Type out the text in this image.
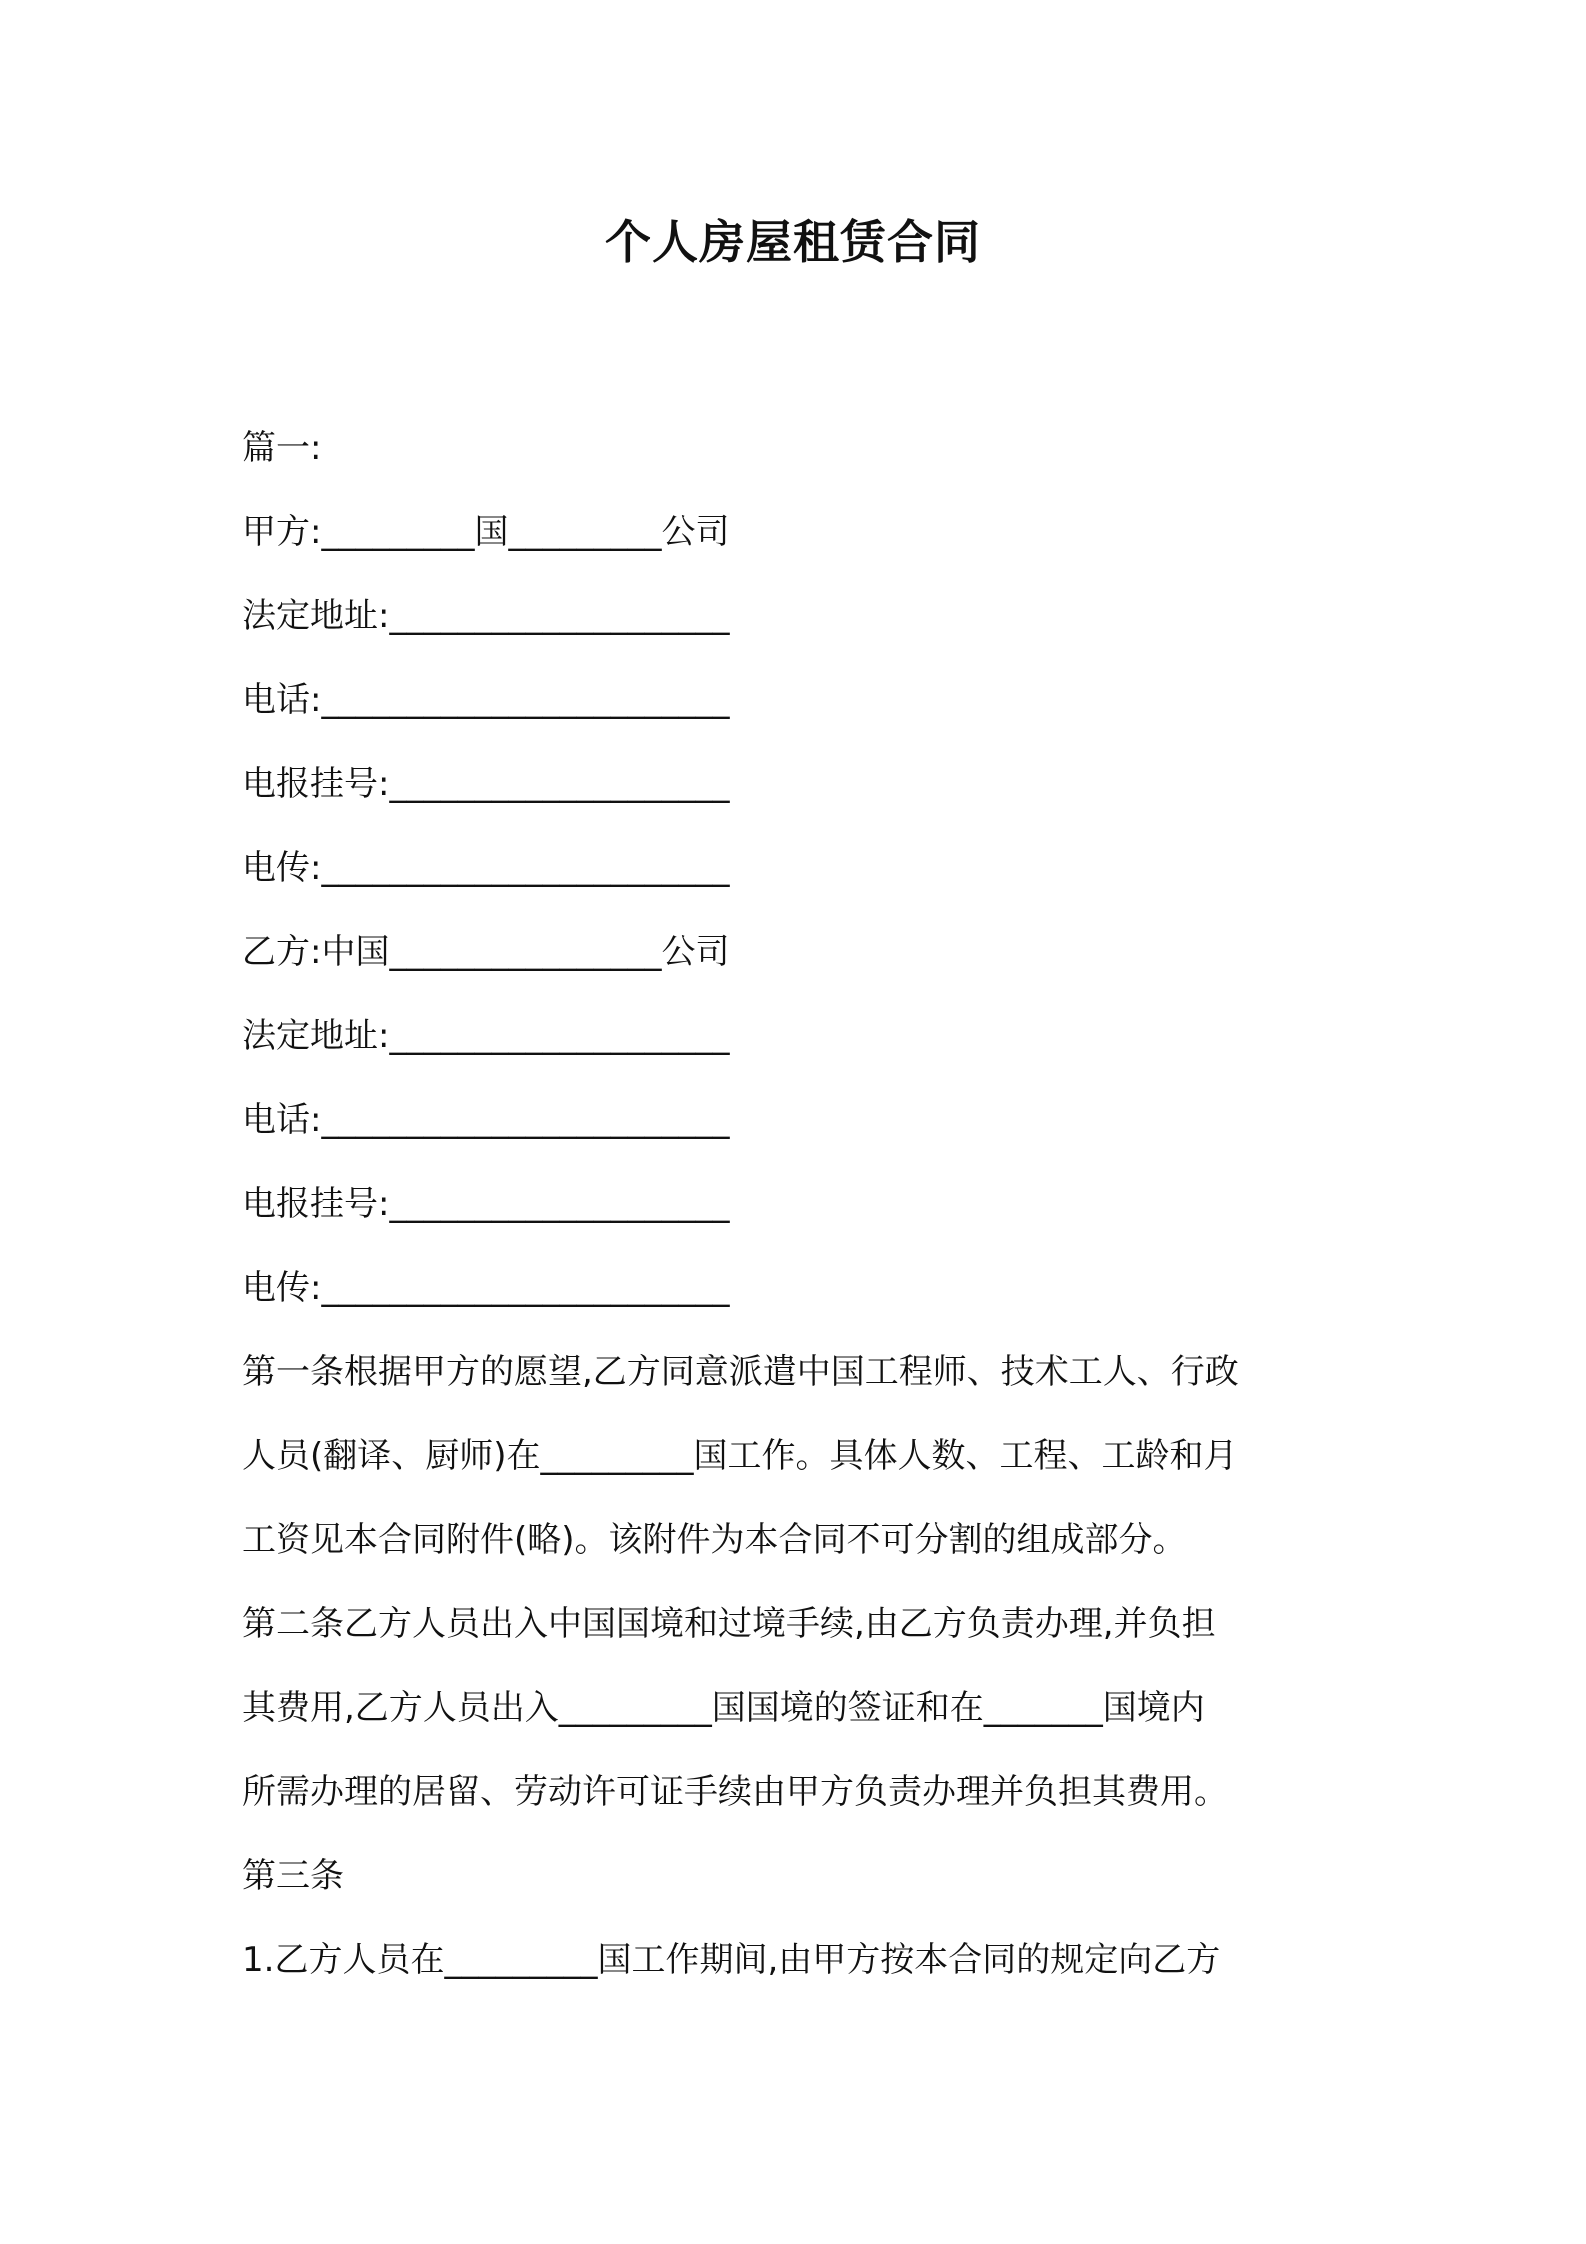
个人房屋租赁合同

篇一:

甲方:_________国_________公司

法定地址:____________________

电话:________________________

电报挂号:____________________

电传:________________________

乙方:中国________________公司

法定地址:____________________

电话:________________________

电报挂号:____________________

电传:________________________

第一条根据甲方的愿望,乙方同意派遣中国工程师、技术工人、行政

人员(翻译、厨师)在_________国工作。具体人数、工程、工龄和月

工资见本合同附件(略)。该附件为本合同不可分割的组成部分。

第二条乙方人员出入中国国境和过境手续,由乙方负责办理,并负担

其费用,乙方人员出入_________国国境的签证和在_______国境内

所需办理的居留、劳动许可证手续由甲方负责办理并负担其费用。

第三条

1.乙方人员在_________国工作期间,由甲方按本合同的规定向乙方
